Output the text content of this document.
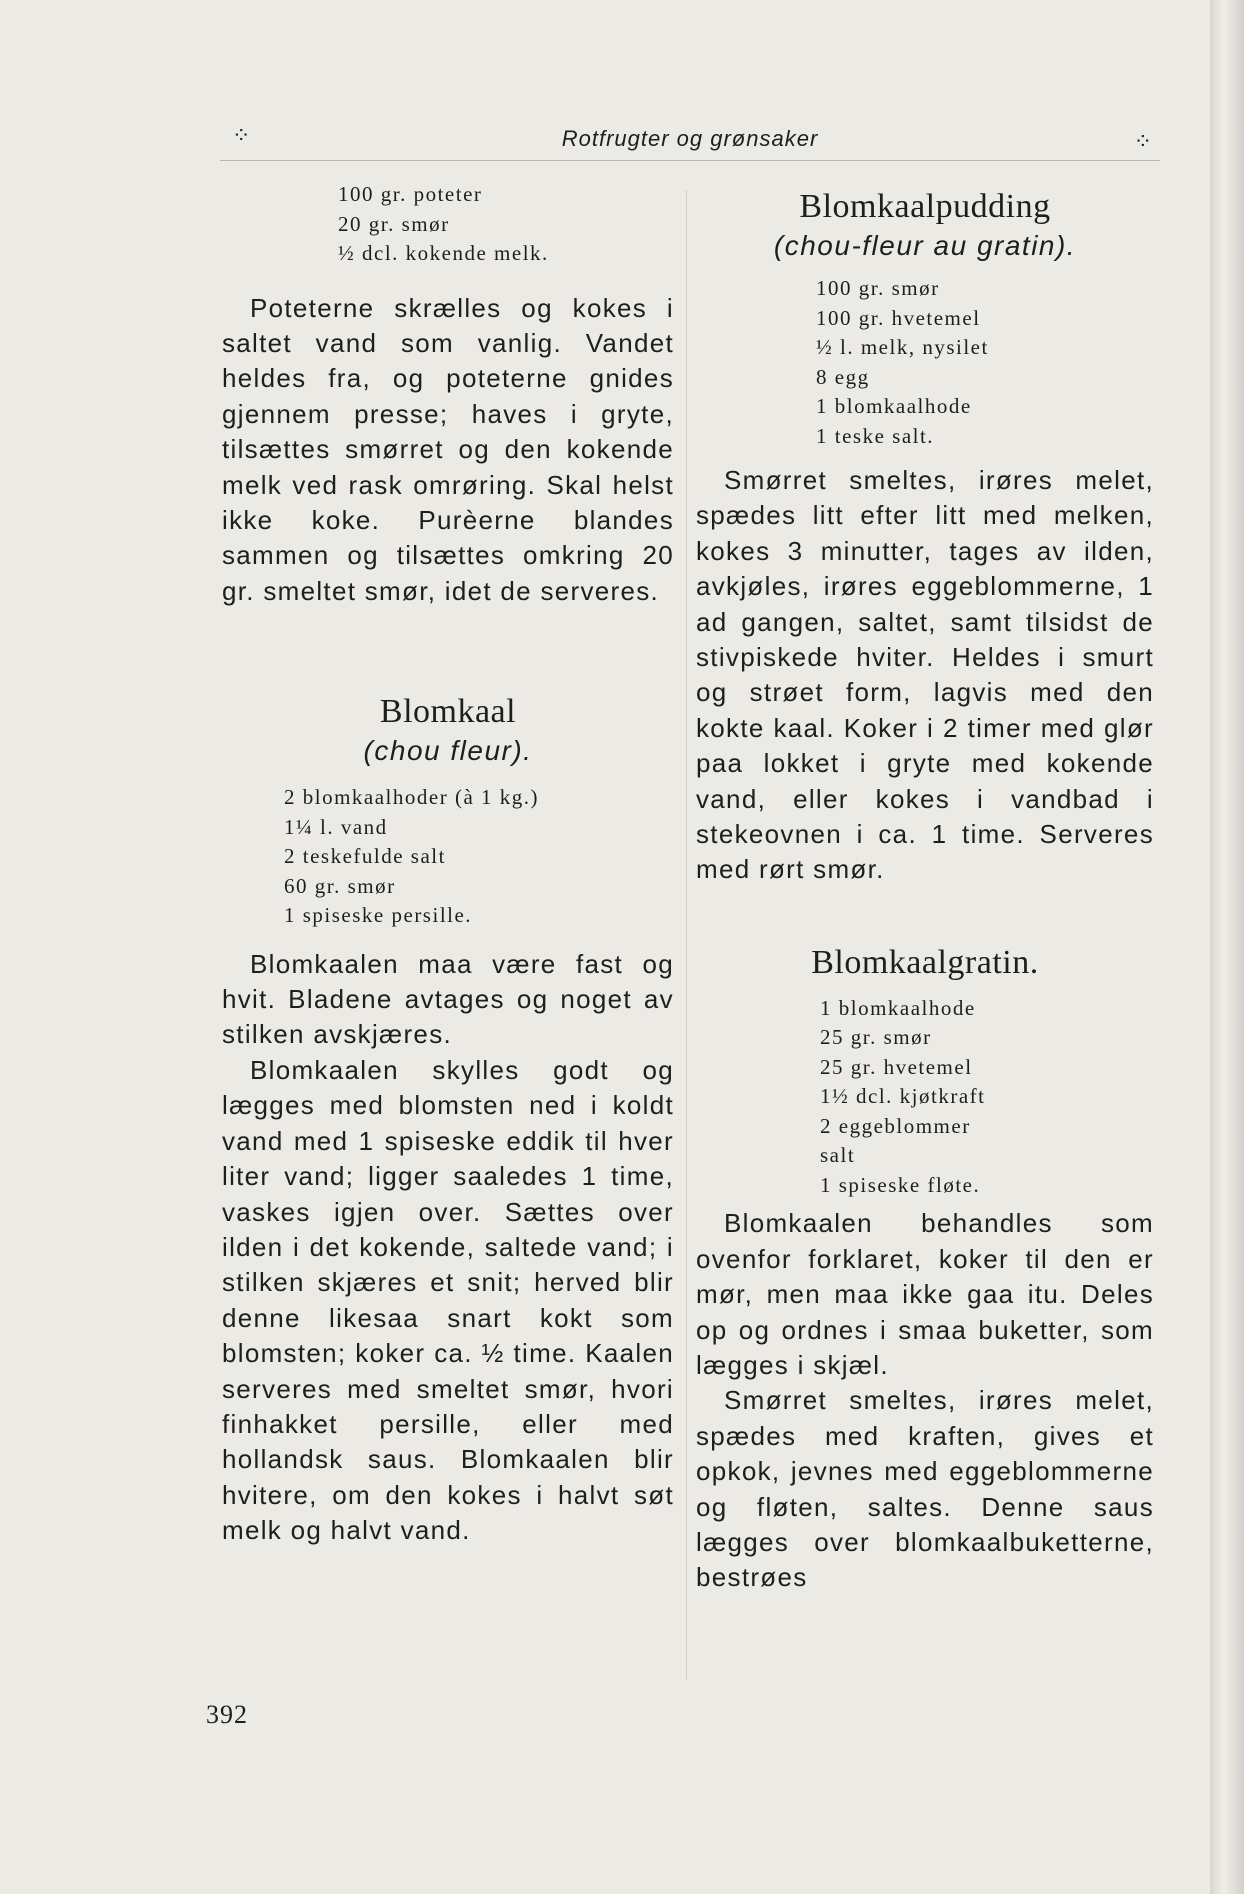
⁘	Rotfrugter og grønsaker	⁘
100 gr. poteter
20 gr. smør
½ dcl. kokende melk.

Poteterne skrælles og kokes i saltet vand som vanlig. Vandet heldes fra, og poteterne gnides gjennem presse; haves i gryte, tilsættes smørret og den kokende melk ved rask omrøring. Skal helst ikke koke. Purèerne blandes sammen og tilsættes omkring 20 gr. smeltet smør, idet de serveres.

Blomkaal

(chou fleur).

2 blomkaalhoder (à 1 kg.)
1¼ l. vand
2 teskefulde salt
60 gr. smør
1 spiseske persille.

Blomkaalen maa være fast og hvit. Bladene avtages og noget av stilken avskjæres.

Blomkaalen skylles godt og lægges med blomsten ned i koldt vand med 1 spiseske eddik til hver liter vand; ligger saaledes 1 time, vaskes igjen over. Sættes over ilden i det kokende, saltede vand; i stilken skjæres et snit; herved blir denne likesaa snart kokt som blomsten; koker ca. ½ time. Kaalen serveres med smeltet smør, hvori finhakket persille, eller med hollandsk saus. Blomkaalen blir hvitere, om den kokes i halvt søt melk og halvt vand.

Blomkaalpudding

(chou-fleur au gratin).

100 gr. smør
100 gr. hvetemel
½ l. melk, nysilet
8 egg
1 blomkaalhode
1 teske salt.

Smørret smeltes, irøres melet, spædes litt efter litt med melken, kokes 3 minutter, tages av ilden, avkjøles, irøres eggeblommerne, 1 ad gangen, saltet, samt tilsidst de stivpiskede hviter. Heldes i smurt og strøet form, lagvis med den kokte kaal. Koker i 2 timer med glør paa lokket i gryte med kokende vand, eller kokes i vandbad i stekeovnen i ca. 1 time. Serveres med rørt smør.

Blomkaalgratin.
1 blomkaalhode
25 gr. smør
25 gr. hvetemel
1½ dcl. kjøtkraft
2 eggeblommer
salt
1 spiseske fløte.

Blomkaalen behandles som ovenfor forklaret, koker til den er mør, men maa ikke gaa itu. Deles op og ordnes i smaa buketter, som lægges i skjæl.

Smørret smeltes, irøres melet, spædes med kraften, gives et opkok, jevnes med eggeblommerne og fløten, saltes. Denne saus lægges over blomkaalbuketterne, bestrøes

392
